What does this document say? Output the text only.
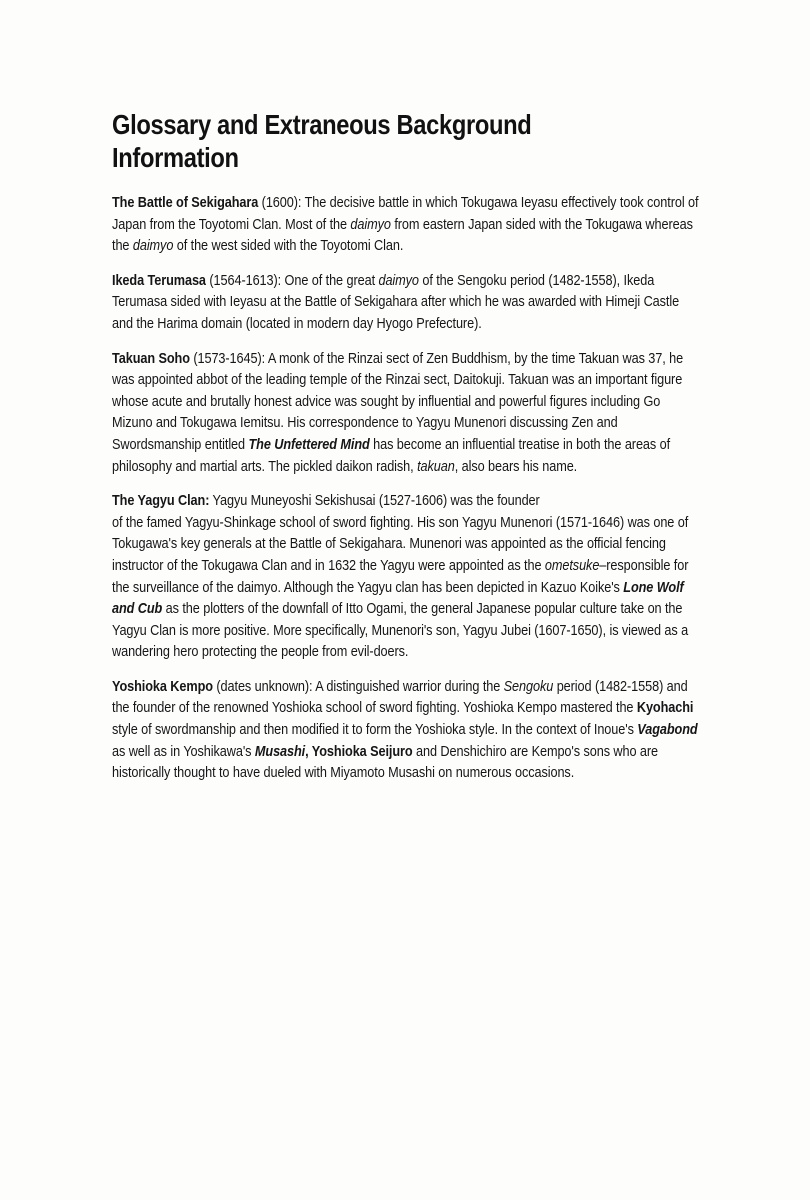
Glossary and Extraneous Background
Information

The Battle of Sekigahara (1600): The decisive battle in which Tokugawa Ieyasu effectively took control of Japan from the Toyotomi Clan. Most of the daimyo from eastern Japan sided with the Tokugawa whereas the daimyo of the west sided with the Toyotomi Clan.

Ikeda Terumasa (1564-1613): One of the great daimyo of the Sengoku period (1482-1558), Ikeda Terumasa sided with Ieyasu at the Battle of Sekigahara after which he was awarded with Himeji Castle and the Harima domain (located in modern day Hyogo Prefecture).

Takuan Soho (1573-1645): A monk of the Rinzai sect of Zen Buddhism, by the time Takuan was 37, he was appointed abbot of the leading temple of the Rinzai sect, Daitokuji. Takuan was an important figure whose acute and brutally honest advice was sought by influential and powerful figures including Go Mizuno and Tokugawa Iemitsu. His correspondence to Yagyu Munenori discussing Zen and Swordsmanship entitled The Unfettered Mind has become an influential treatise in both the areas of philosophy and martial arts. The pickled daikon radish, takuan, also bears his name.

The Yagyu Clan: Yagyu Muneyoshi Sekishusai (1527-1606) was the founder
of the famed Yagyu-Shinkage school of sword fighting. His son Yagyu Munenori (1571-1646) was one of Tokugawa's key generals at the Battle of Sekigahara. Munenori was appointed as the official fencing instructor of the Tokugawa Clan and in 1632 the Yagyu were appointed as the ometsuke–responsible for the surveillance of the daimyo. Although the Yagyu clan has been depicted in Kazuo Koike's Lone Wolf and Cub as the plotters of the downfall of Itto Ogami, the general Japanese popular culture take on the Yagyu Clan is more positive. More specifically, Munenori's son, Yagyu Jubei (1607-1650), is viewed as a wandering hero protecting the people from evil-doers.

Yoshioka Kempo (dates unknown): A distinguished warrior during the Sengoku period (1482-1558) and the founder of the renowned Yoshioka school of sword fighting. Yoshioka Kempo mastered the Kyohachi style of swordmanship and then modified it to form the Yoshioka style. In the context of Inoue's Vagabond as well as in Yoshikawa's Musashi, Yoshioka Seijuro and Denshichiro are Kempo's sons who are historically thought to have dueled with Miyamoto Musashi on numerous occasions.
